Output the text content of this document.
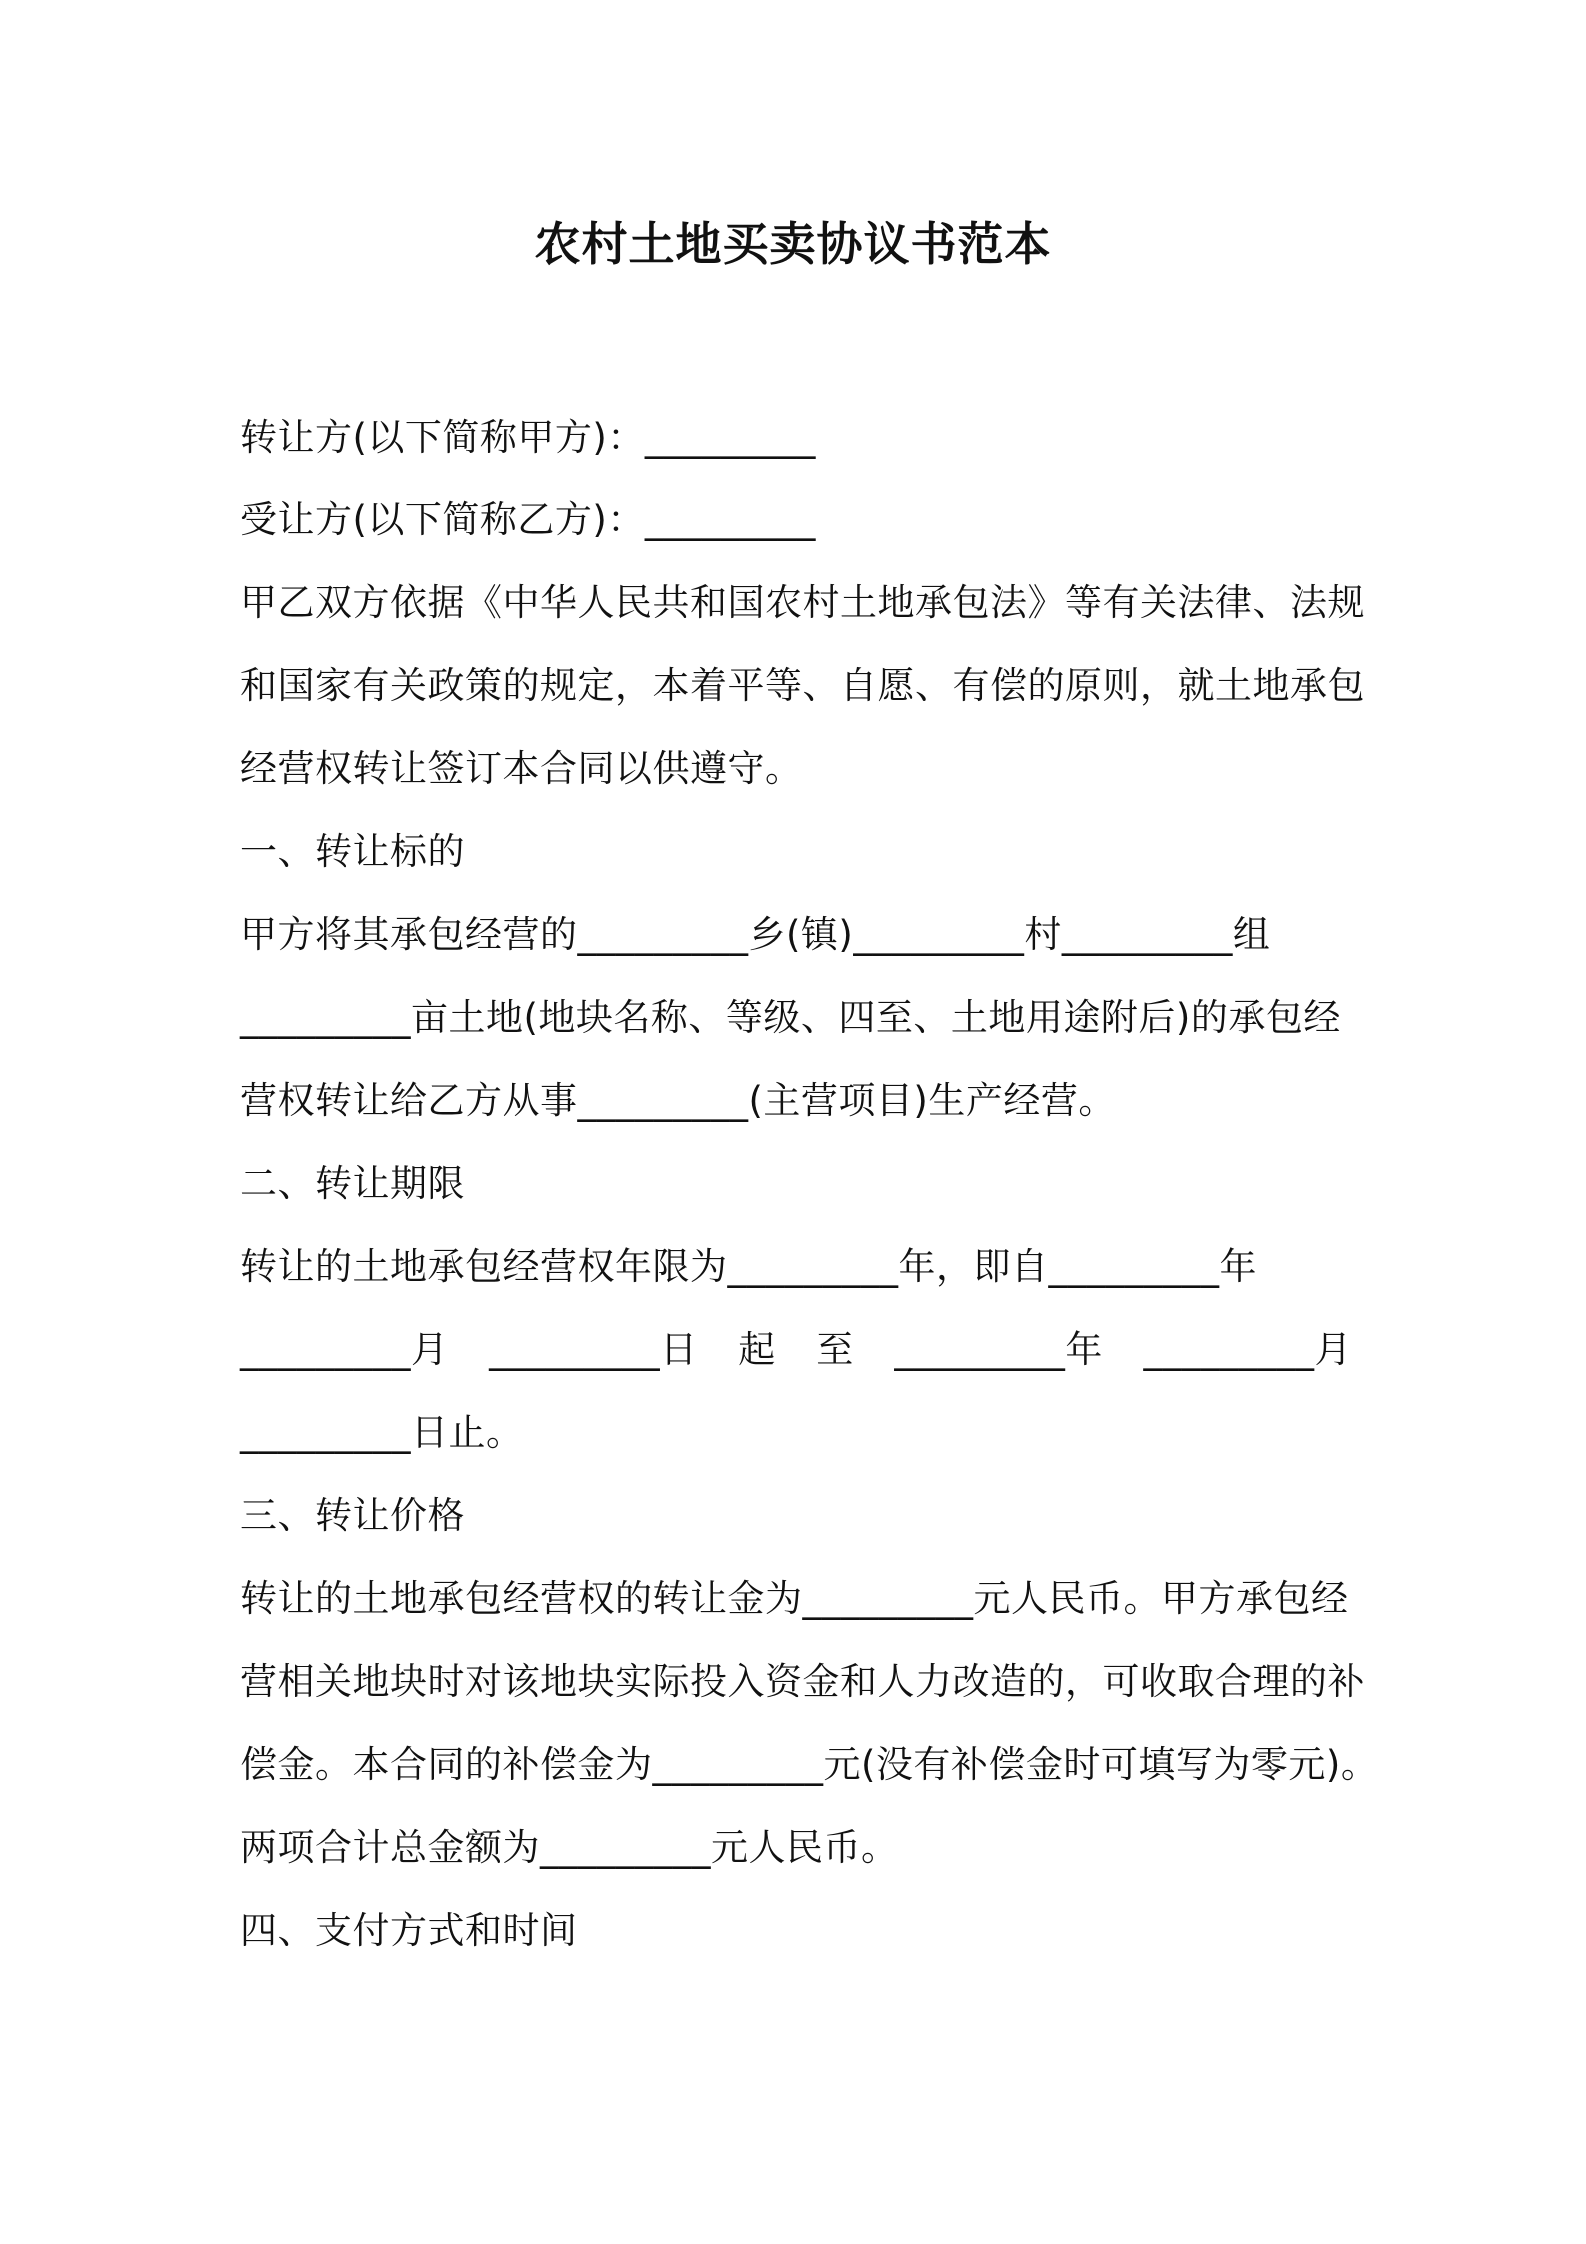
农村土地买卖协议书范本
转让方(以下简称甲方)：_________
受让方(以下简称乙方)：_________
甲乙双方依据《中华人民共和国农村土地承包法》等有关法律、法规
和国家有关政策的规定，本着平等、自愿、有偿的原则，就土地承包
经营权转让签订本合同以供遵守。
一、转让标的
甲方将其承包经营的_________乡(镇)_________村_________组
_________亩土地(地块名称、等级、四至、土地用途附后)的承包经
营权转让给乙方从事_________(主营项目)生产经营。
二、转让期限
转让的土地承包经营权年限为_________年，即自_________年
_________月 _________日 起 至 _________年 _________月
_________日止。
三、转让价格
转让的土地承包经营权的转让金为_________元人民币。甲方承包经
营相关地块时对该地块实际投入资金和人力改造的，可收取合理的补
偿金。本合同的补偿金为_________元(没有补偿金时可填写为零元)。
两项合计总金额为_________元人民币。
四、支付方式和时间
